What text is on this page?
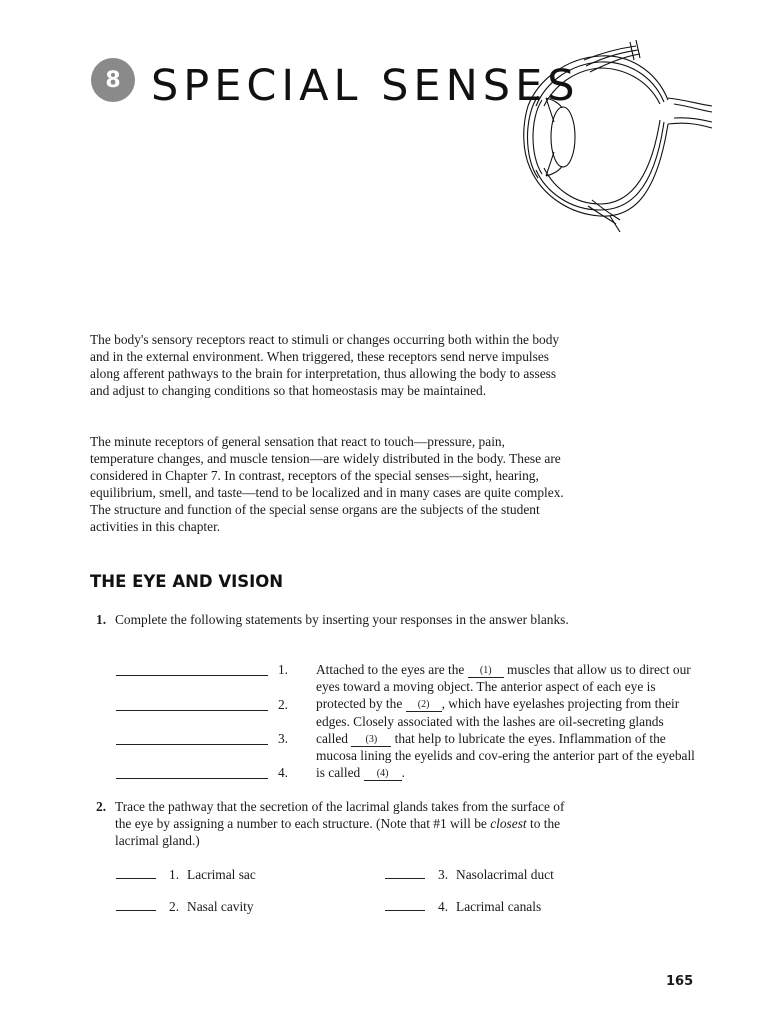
8 SPECIAL SENSES

The body's sensory receptors react to stimuli or changes occurring both within the body and in the external environment. When triggered, these receptors send nerve impulses along afferent pathways to the brain for interpretation, thus allowing the body to assess and adjust to changing conditions so that homeostasis may be maintained.

The minute receptors of general sensation that react to touch—pressure, pain, temperature changes, and muscle tension—are widely distributed in the body. These are considered in Chapter 7. In contrast, receptors of the special senses—sight, hearing, equilibrium, smell, and taste—tend to be localized and in many cases are quite complex. The structure and function of the special sense organs are the subjects of the student activities in this chapter.

THE EYE AND VISION
1. Complete the following statements by inserting your responses in the answer blanks.

1.
2.
3.
4.

Attached to the eyes are the (1) muscles that allow us to direct our eyes toward a moving object. The anterior aspect of each eye is protected by the (2) , which have eyelashes projecting from their edges. Closely associated with the lashes are oil-secreting glands called (3) that help to lubricate the eyes. Inflammation of the mucosa lining the eyelids and cov-ering the anterior part of the eyeball is called (4) .

2. Trace the pathway that the secretion of the lacrimal glands takes from the surface of the eye by assigning a number to each structure. (Note that #1 will be closest to the lacrimal gland.)

1. Lacrimal sac
2. Nasal cavity
3. Nasolacrimal duct
4. Lacrimal canals
165
